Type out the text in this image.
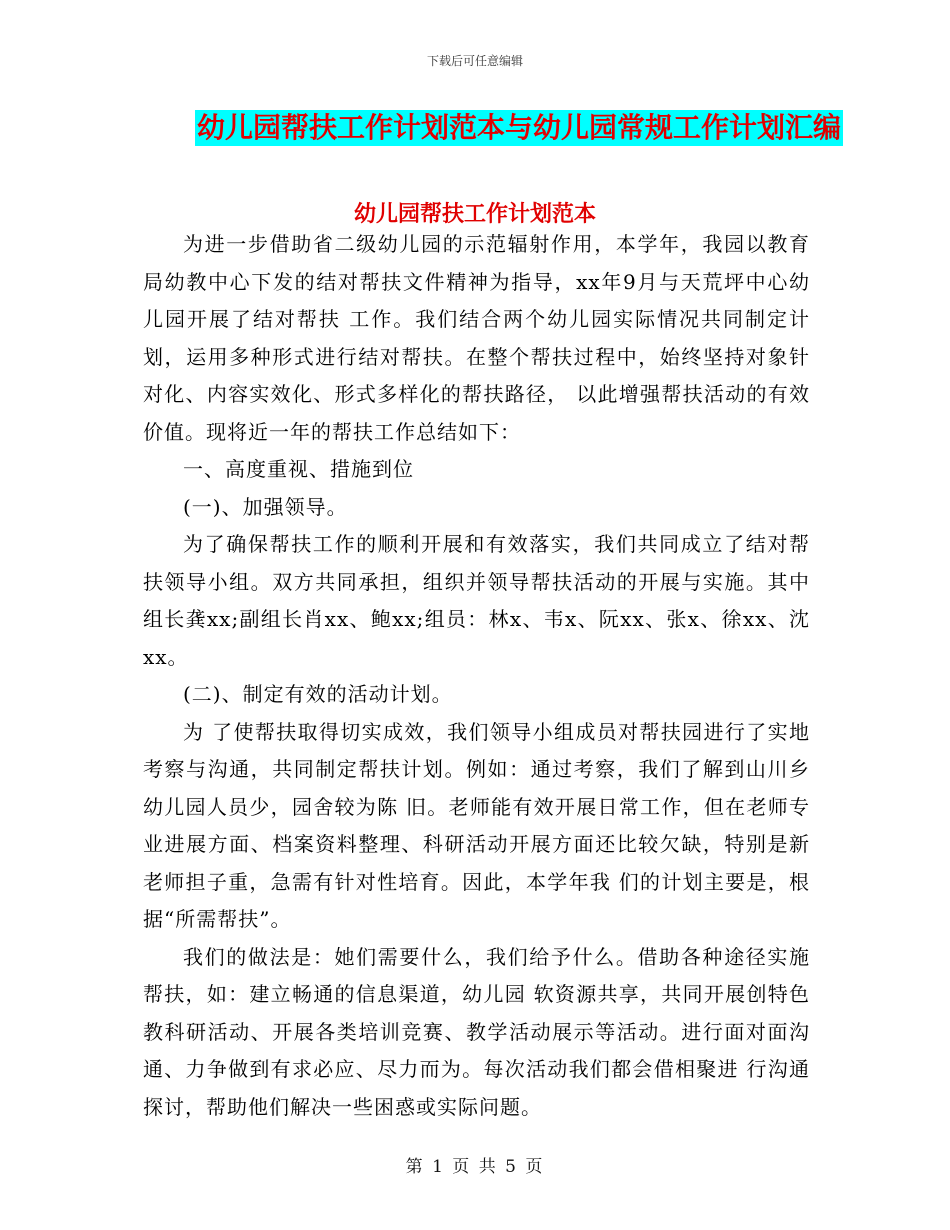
下载后可任意编辑
幼儿园帮扶工作计划范本与幼儿园常规工作计划汇编
幼儿园帮扶工作计划范本

为进一步借助省二级幼儿园的示范辐射作用，本学年，我园以教育局幼教中心下发的结对帮扶文件精神为指导，xx年9月与天荒坪中心幼儿园开展了结对帮扶 工作。我们结合两个幼儿园实际情况共同制定计划，运用多种形式进行结对帮扶。在整个帮扶过程中，始终坚持对象针对化、内容实效化、形式多样化的帮扶路径， 以此增强帮扶活动的有效价值。现将近一年的帮扶工作总结如下：

一、高度重视、措施到位

(一)、加强领导。

为了确保帮扶工作的顺利开展和有效落实，我们共同成立了结对帮扶领导小组。双方共同承担，组织并领导帮扶活动的开展与实施。其中组长龚xx;副组长肖xx、鲍xx;组员：林x、韦x、阮xx、张x、徐xx、沈xx。

(二)、制定有效的活动计划。

为 了使帮扶取得切实成效，我们领导小组成员对帮扶园进行了实地考察与沟通，共同制定帮扶计划。例如：通过考察，我们了解到山川乡幼儿园人员少，园舍较为陈 旧。老师能有效开展日常工作，但在老师专业进展方面、档案资料整理、科研活动开展方面还比较欠缺，特别是新老师担子重，急需有针对性培育。因此，本学年我 们的计划主要是，根据“所需帮扶”。

我们的做法是：她们需要什么，我们给予什么。借助各种途径实施帮扶，如：建立畅通的信息渠道，幼儿园 软资源共享，共同开展创特色教科研活动、开展各类培训竞赛、教学活动展示等活动。进行面对面沟通、力争做到有求必应、尽力而为。每次活动我们都会借相聚进 行沟通探讨，帮助他们解决一些困惑或实际问题。

第 1 页 共 5 页
